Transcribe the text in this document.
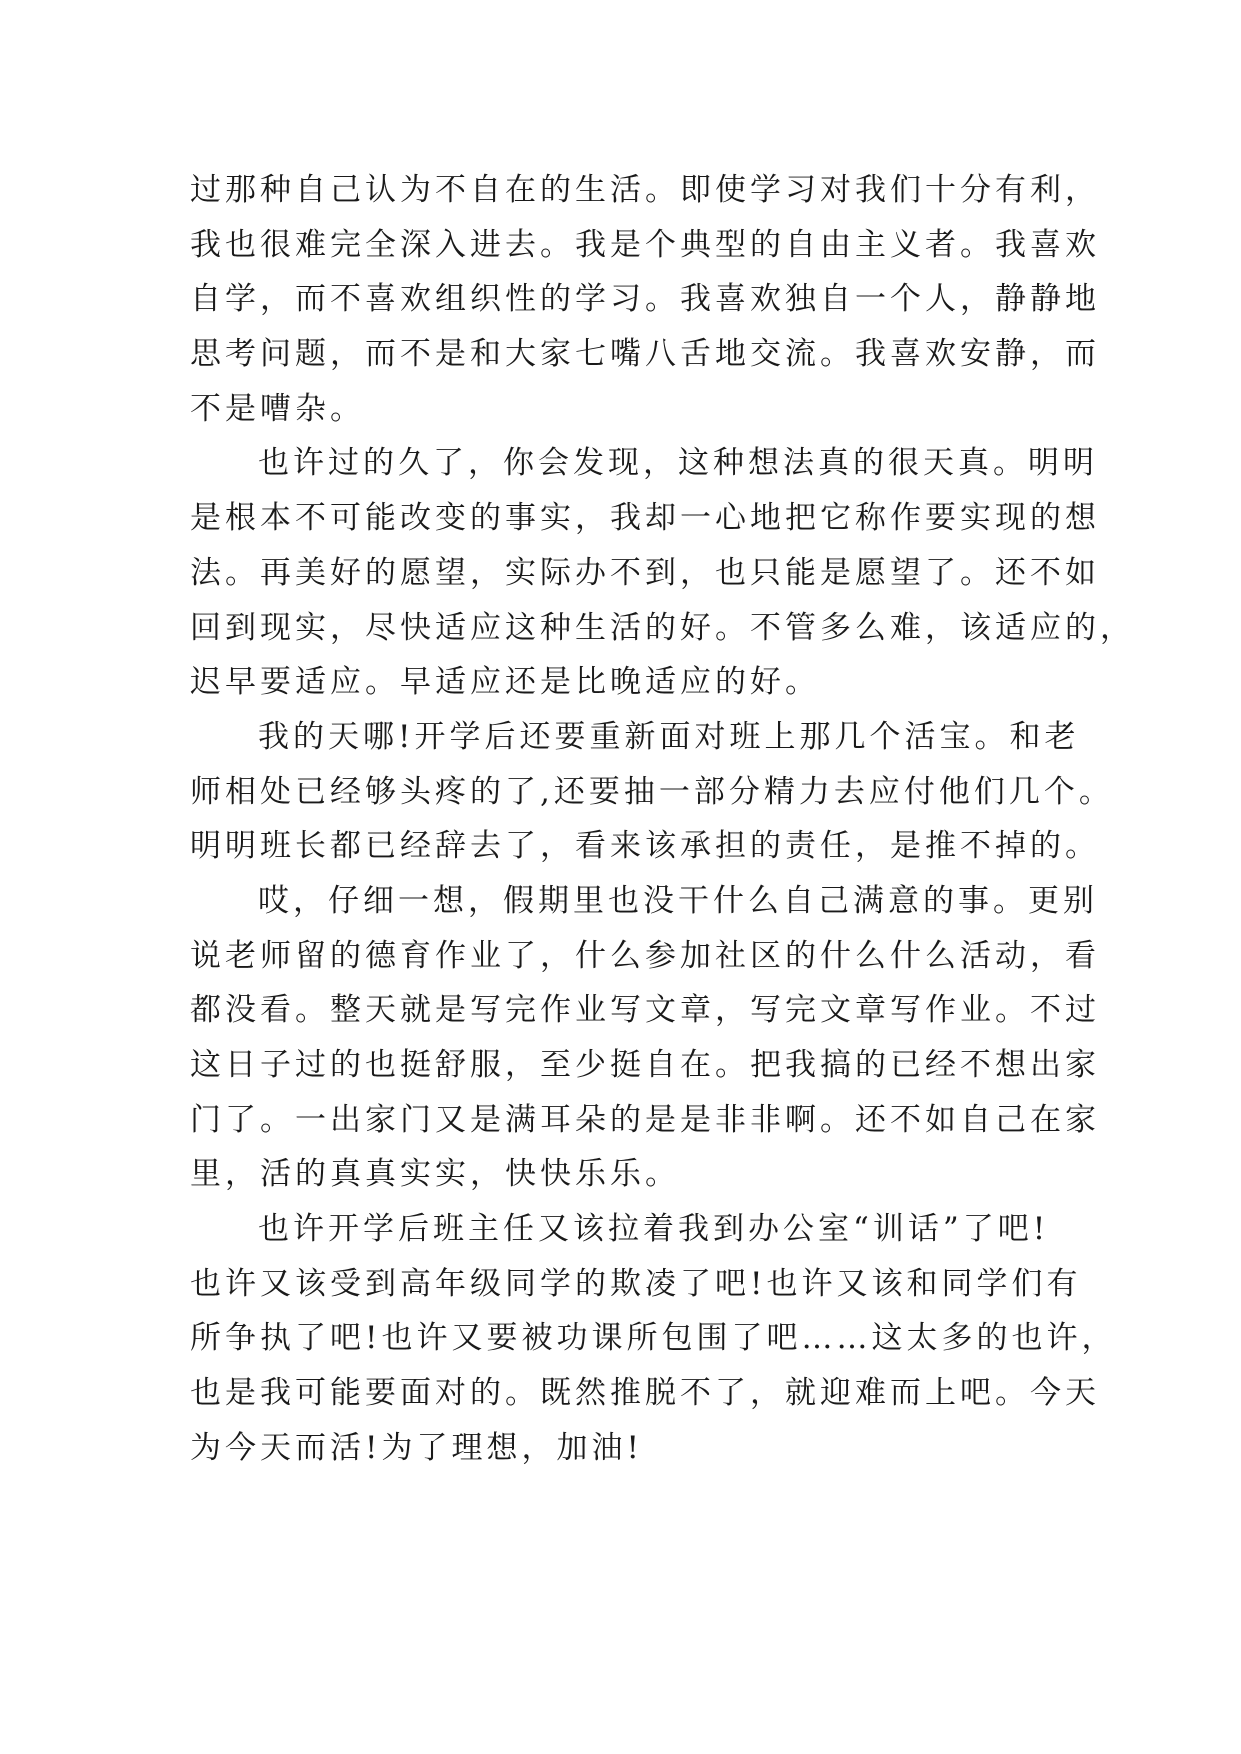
过那种自己认为不自在的生活。即使学习对我们十分有利，
我也很难完全深入进去。我是个典型的自由主义者。我喜欢
自学，而不喜欢组织性的学习。我喜欢独自一个人，静静地
思考问题，而不是和大家七嘴八舌地交流。我喜欢安静，而
不是嘈杂。
也许过的久了，你会发现，这种想法真的很天真。明明
是根本不可能改变的事实，我却一心地把它称作要实现的想
法。再美好的愿望，实际办不到，也只能是愿望了。还不如
回到现实，尽快适应这种生活的好。不管多么难，该适应的，
迟早要适应。早适应还是比晚适应的好。
我的天哪!开学后还要重新面对班上那几个活宝。和老
师相处已经够头疼的了,还要抽一部分精力去应付他们几个。
明明班长都已经辞去了，看来该承担的责任，是推不掉的。
哎，仔细一想，假期里也没干什么自己满意的事。更别
说老师留的德育作业了，什么参加社区的什么什么活动，看
都没看。整天就是写完作业写文章，写完文章写作业。不过
这日子过的也挺舒服，至少挺自在。把我搞的已经不想出家
门了。一出家门又是满耳朵的是是非非啊。还不如自己在家
里，活的真真实实，快快乐乐。
也许开学后班主任又该拉着我到办公室“训话”了吧!
也许又该受到高年级同学的欺凌了吧!也许又该和同学们有
所争执了吧!也许又要被功课所包围了吧……这太多的也许，
也是我可能要面对的。既然推脱不了，就迎难而上吧。今天
为今天而活!为了理想，加油!
